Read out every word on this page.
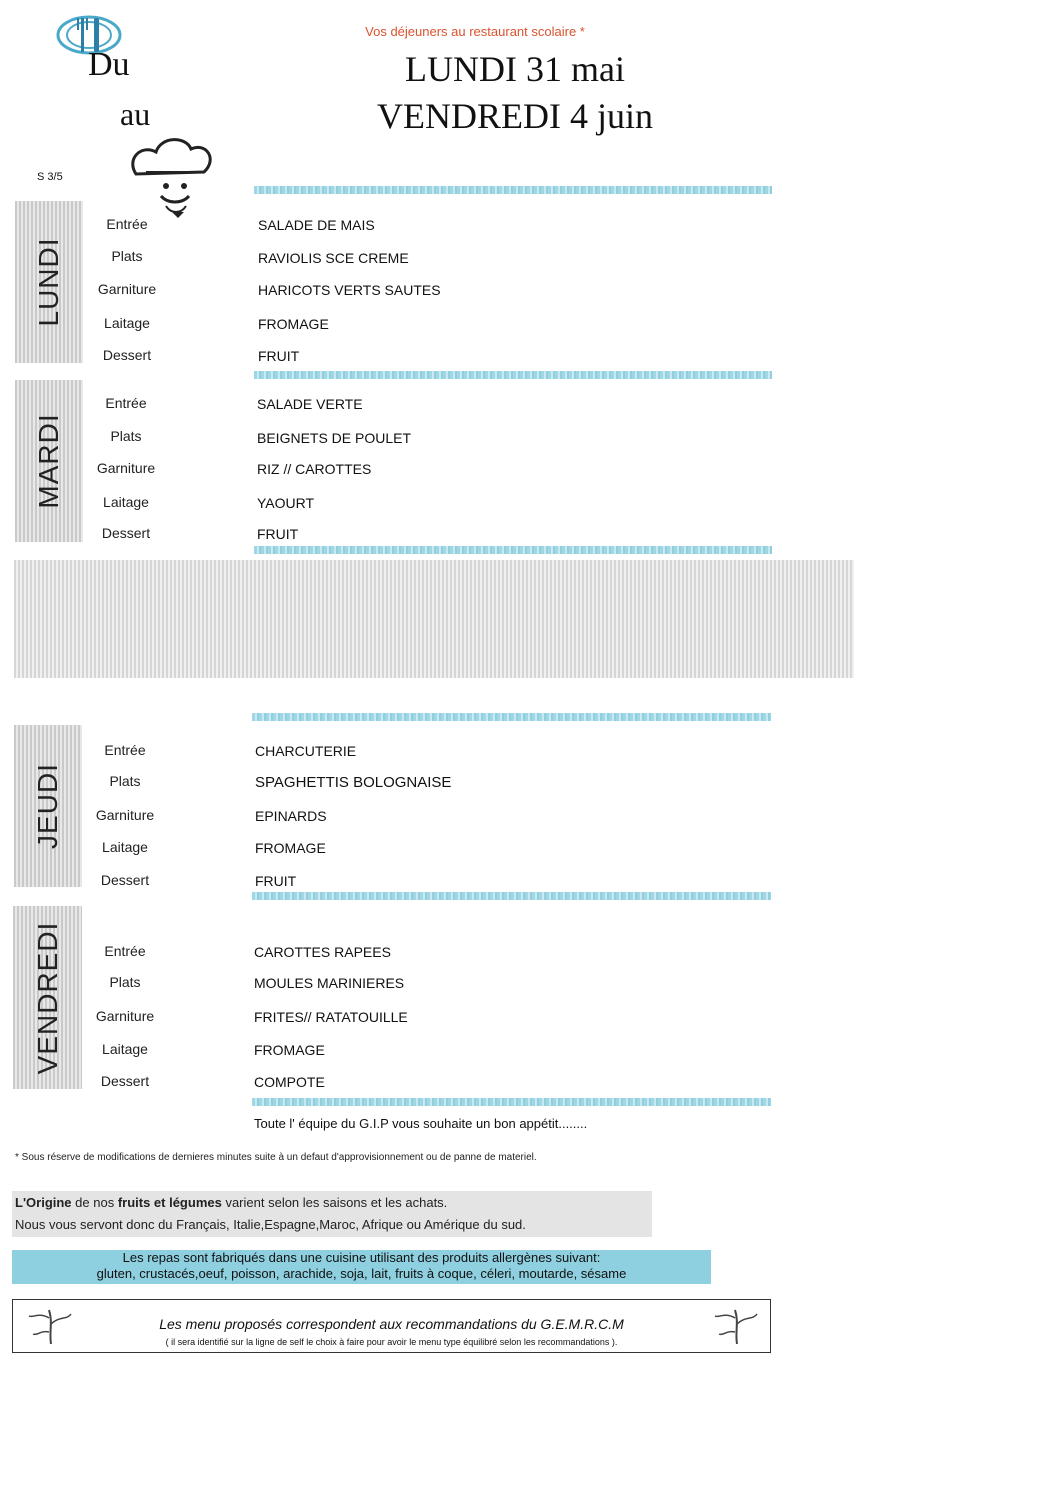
Vos déjeuners au restaurant scolaire *
LUNDI 31 mai
VENDREDI 4 juin
Du
au
S 3/5
LUNDI
Entrée
Plats
Garniture
Laitage
Dessert
SALADE DE MAIS
RAVIOLIS SCE CREME
HARICOTS VERTS SAUTES
FROMAGE
FRUIT
MARDI
Entrée
Plats
Garniture
Laitage
Dessert
SALADE VERTE
BEIGNETS DE POULET
RIZ // CAROTTES
YAOURT
FRUIT
JEUDI
Entrée
Plats
Garniture
Laitage
Dessert
CHARCUTERIE
SPAGHETTIS BOLOGNAISE
EPINARDS
FROMAGE
FRUIT
VENDREDI	Entrée
Plats
Garniture
Laitage
Dessert
CAROTTES RAPEES
MOULES MARINIERES
FRITES// RATATOUILLE
FROMAGE
COMPOTE
Toute l' équipe du G.I.P vous souhaite un bon appétit........
* Sous réserve de modifications de dernieres minutes suite à un defaut d'approvisionnement ou de panne de materiel.
L'Origine de nos fruits et légumes varient selon les saisons et les achats.
Nous vous servont donc du Français, Italie,Espagne,Maroc, Afrique ou Amérique du sud.
Les repas sont fabriqués dans une cuisine utilisant des produits allergènes suivant:
gluten, crustacés,oeuf, poisson, arachide, soja, lait, fruits à coque, céleri, moutarde, sésame
Les menu proposés correspondent aux recommandations du G.E.M.R.C.M
( il sera identifié sur la ligne de self le choix à faire pour avoir le menu type équilibré selon les recommandations ).
